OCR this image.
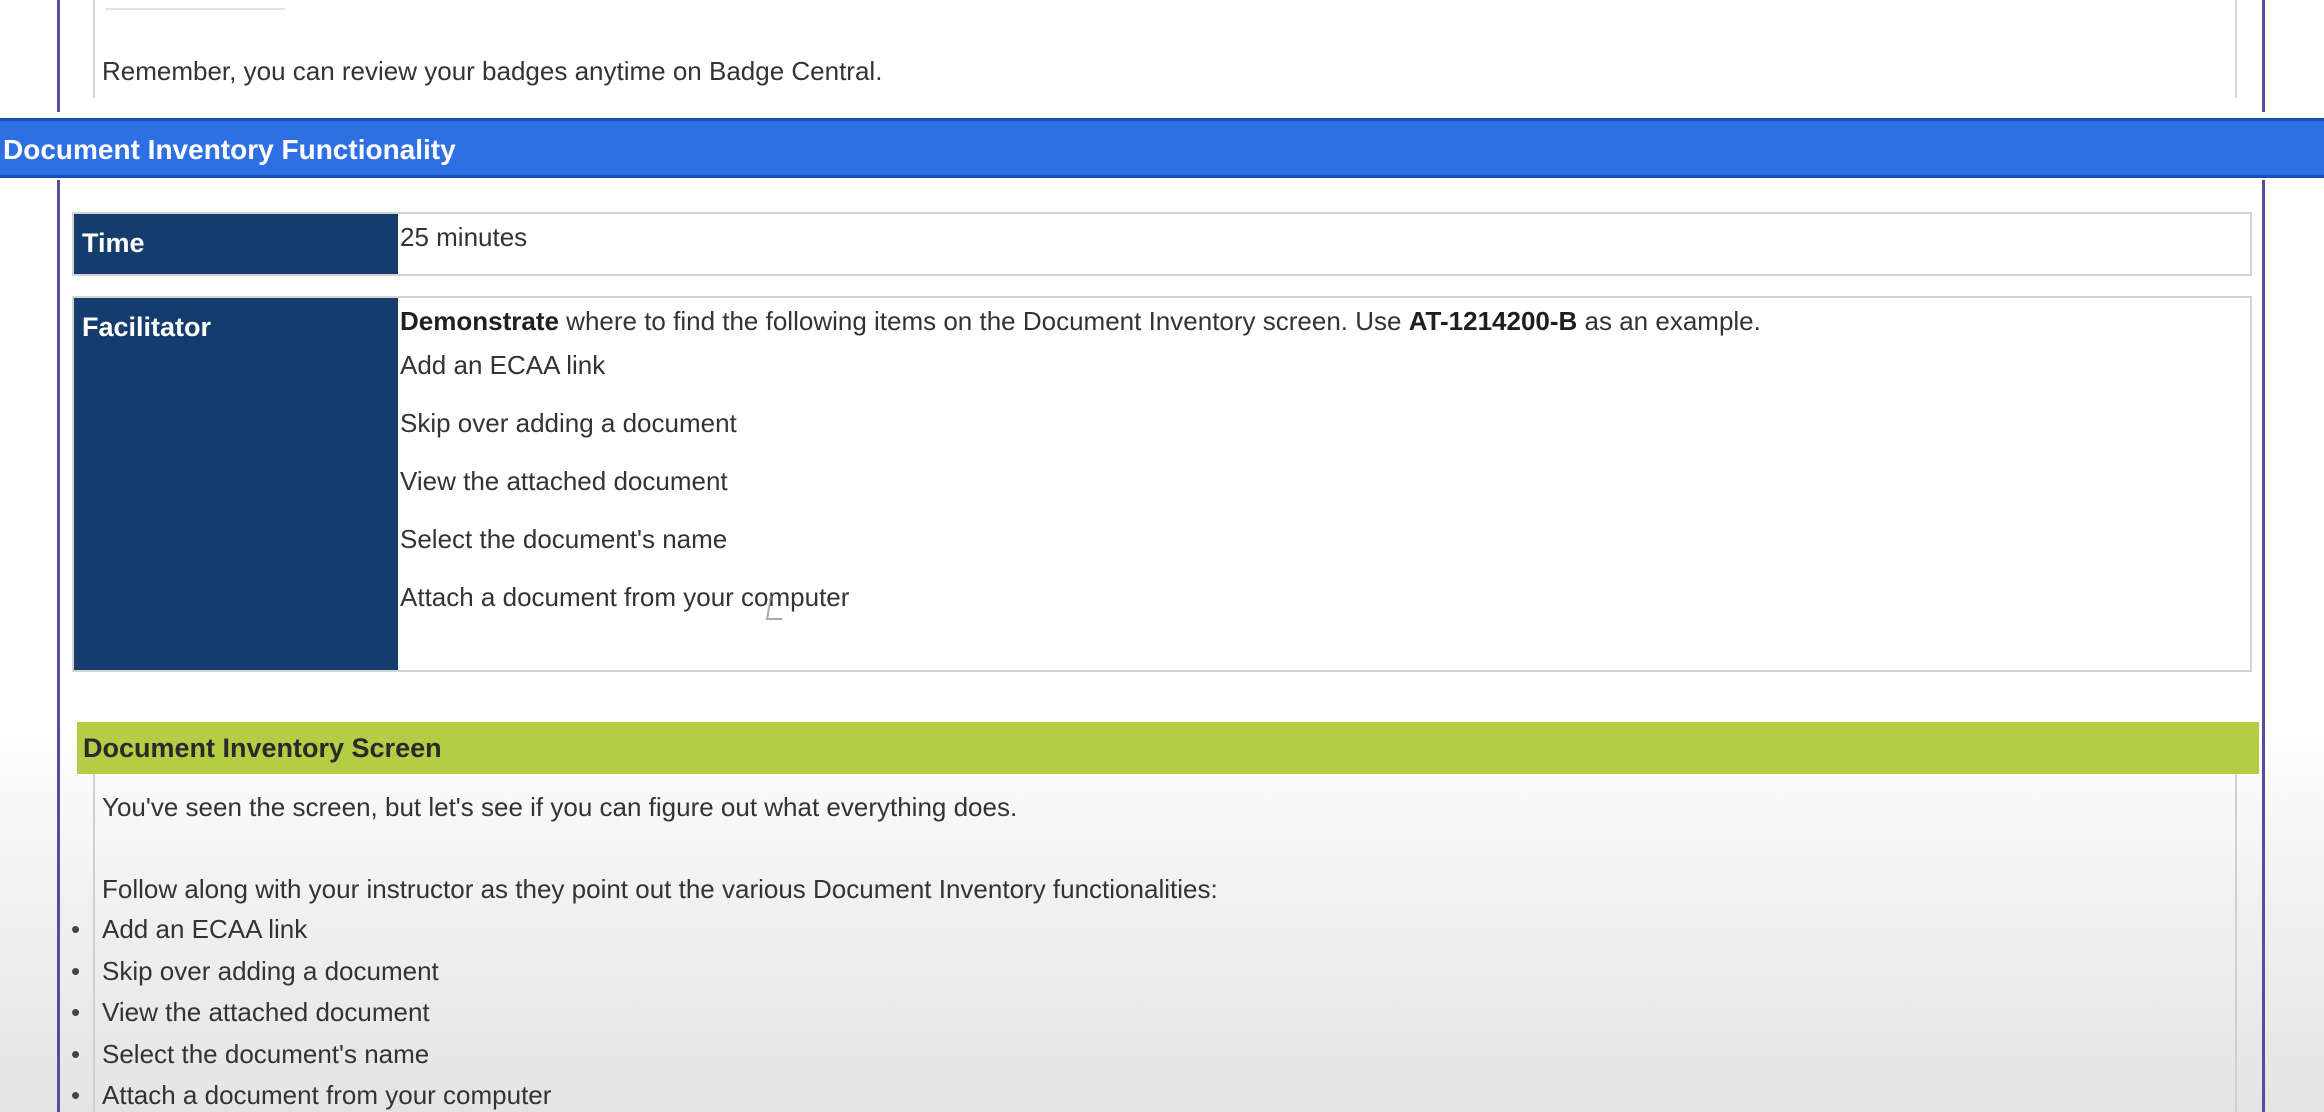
Remember, you can review your badges anytime on Badge Central.
Document Inventory Functionality
Time	25 minutes
Facilitator	Demonstrate where to find the following items on the Document Inventory screen. Use AT-1214200-B as an example.
Add an ECAA link
Skip over adding a document
View the attached document
Select the document's name
Attach a document from your computer
Document Inventory Screen
You've seen the screen, but let's see if you can figure out what everything does.
Follow along with your instructor as they point out the various Document Inventory functionalities:
• Add an ECAA link
• Skip over adding a document
• View the attached document
• Select the document's name
• Attach a document from your computer
